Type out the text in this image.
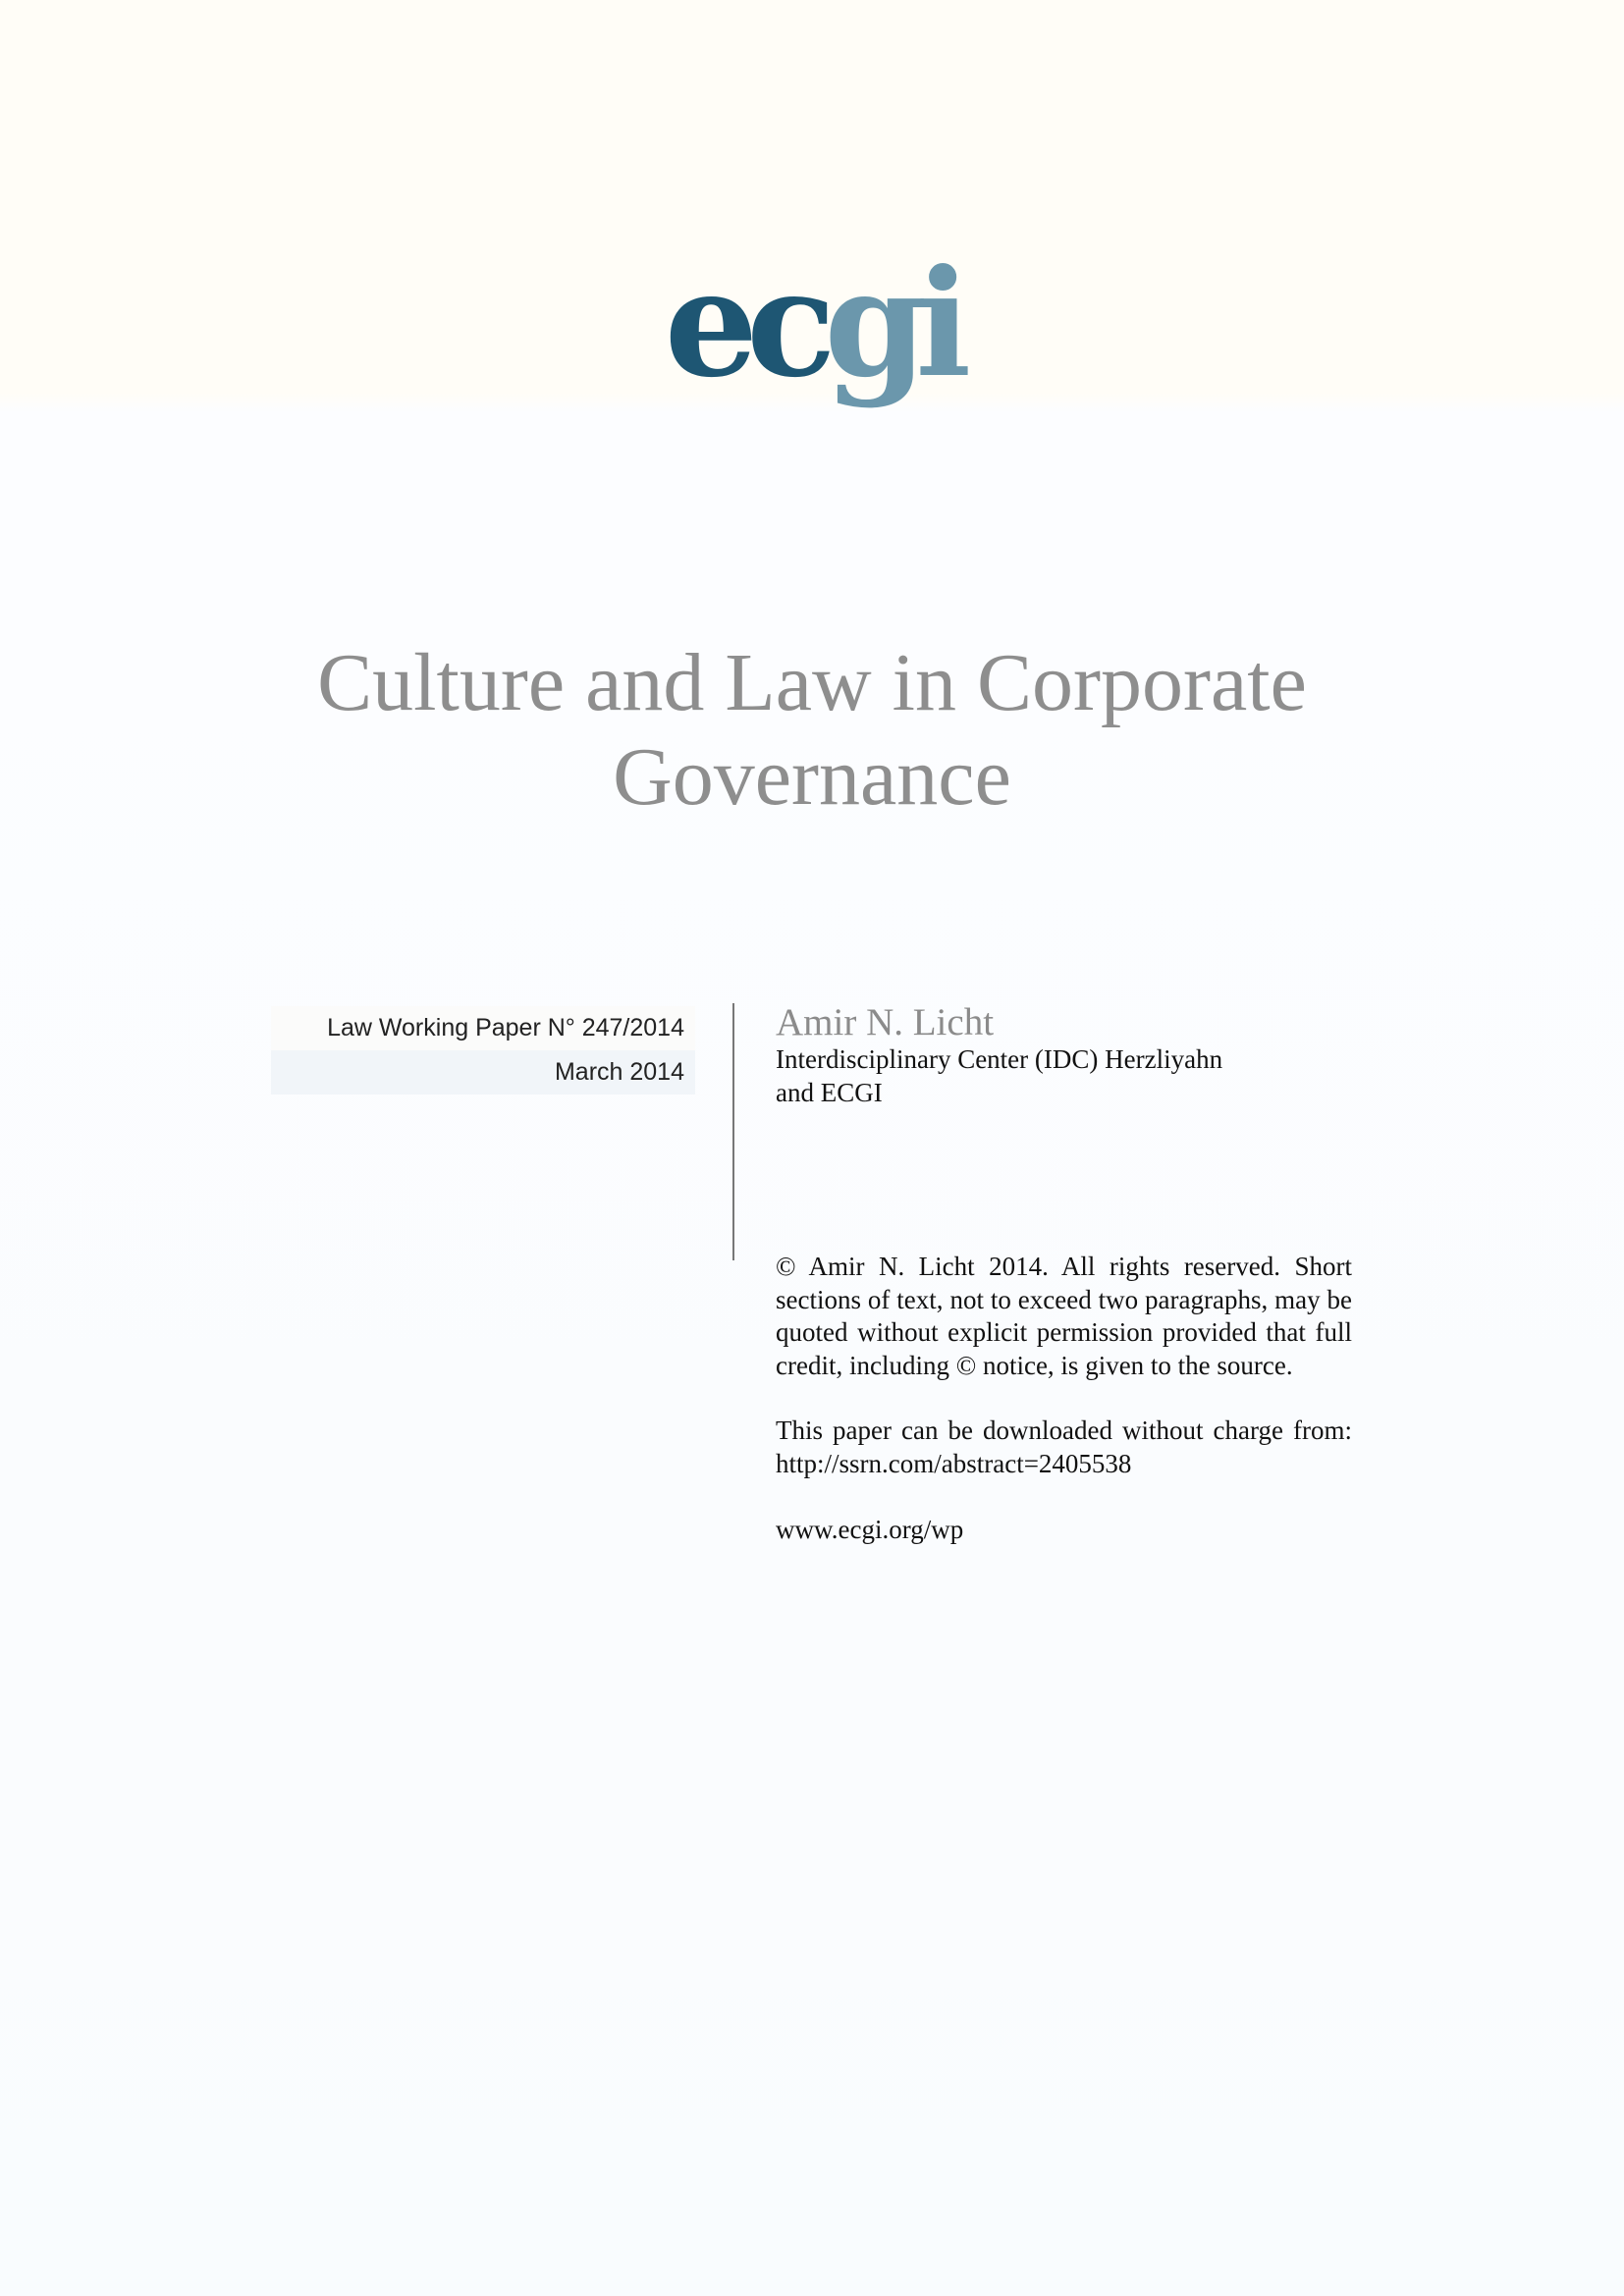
ecgi
Culture and Law in Corporate
Governance
Law Working Paper N° 247/2014
March 2014
Amir N. Licht
Interdisciplinary Center (IDC) Herzliyahn
and ECGI
© Amir N. Licht 2014. All rights reserved. Short sections of text, not to exceed two paragraphs, may be quoted without explicit permission provided that full credit, including © notice, is given to the source.
This paper can be downloaded without charge from:
http://ssrn.com/abstract=2405538
www.ecgi.org/wp
